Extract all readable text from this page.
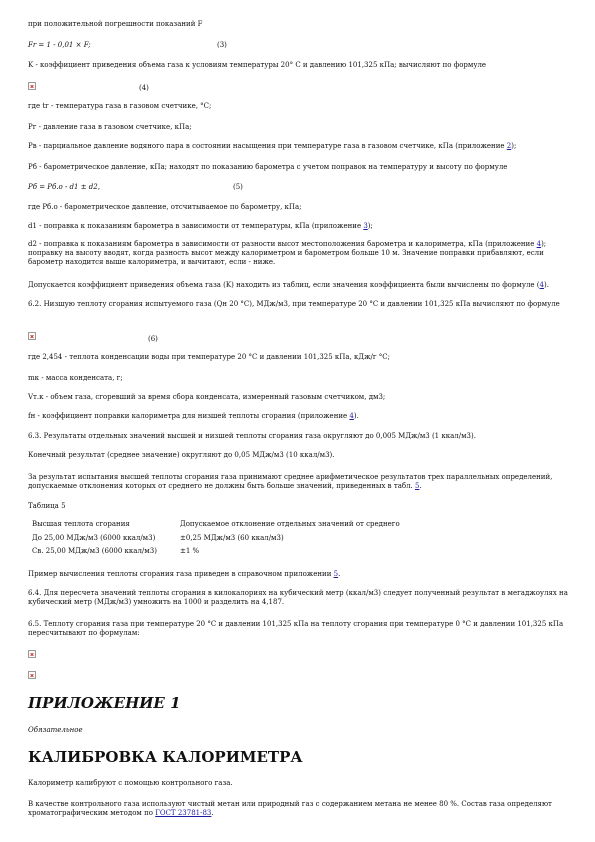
при положительной погрешности показаний F
Fr = 1 - 0,01 × F;	(3)
K - коэффициент приведения объема газа к условиям температуры 20° С и давлению 101,325 кПа; вычисляют по формуле
(4)
где tг - температура газа в газовом счетчике, °С;
Pг - давление газа в газовом счетчике, кПа;
Pв - парциальное давление водяного пара в состоянии насыщения при температуре газа в газовом счетчике, кПа (приложение 2);
Pб - барометрическое давление, кПа; находят по показанию барометра с учетом поправок на температуру и высоту по формуле
Pб = Pб.о - d1 ± d2,	(5)
где Pб.о - барометрическое давление, отсчитываемое по барометру, кПа;
d1 - поправка к показаниям барометра в зависимости от температуры, кПа (приложение 3);
d2 - поправка к показаниям барометра в зависимости от разности высот местоположения барометра и калориметра, кПа (приложение 4); поправку на высоту вводят, когда разность высот между калориметром и барометром больше 10 м. Значение поправки прибавляют, если барометр находится выше калориметра, и вычитают, если - ниже.
Допускается коэффициент приведения объема газа (K) находить из таблиц, если значения коэффициента были вычислены по формуле (4).
6.2. Низшую теплоту сгорания испытуемого газа (Qн 20 °С), МДж/м3, при температуре 20 °С и давлении 101,325 кПа вычисляют по формуле
(6)
где 2,454 - теплота конденсации воды при температуре 20 °С и давлении 101,325 кПа, кДж/г °С;
mк - масса конденсата, г;
Vт.к - объем газа, сгоревший за время сбора конденсата, измеренный газовым счетчиком, дм3;
fн - коэффициент поправки калориметра для низшей теплоты сгорания (приложение 4).
6.3. Результаты отдельных значений высшей и низшей теплоты сгорания газа округляют до 0,005 МДж/м3 (1 ккал/м3).
Конечный результат (среднее значение) округляют до 0,05 МДж/м3 (10 ккал/м3).
За результат испытания высшей теплоты сгорания газа принимают среднее арифметическое результатов трех параллельных определений, допускаемые отклонения которых от среднего не должны быть больше значений, приведенных в табл. 5.
Таблица 5
Высшая теплота сгорания	Допускаемое отклонение отдельных значений от среднего
До 25,00 МДж/м3 (6000 ккал/м3)	±0,25 МДж/м3 (60 ккал/м3)
Св. 25,00 МДж/м3 (6000 ккал/м3)	±1 %
Пример вычисления теплоты сгорания газа приведен в справочном приложении 5.
6.4. Для пересчета значений теплоты сгорания в килокалориях на кубический метр (ккал/м3) следует полученный результат в мегаджоулях на кубический метр (МДж/м3) умножить на 1000 и разделить на 4,187.
6.5. Теплоту сгорания газа при температуре 20 °С и давлении 101,325 кПа на теплоту сгорания при температуре 0 °С и давлении 101,325 кПа пересчитывают по формулам:
ПРИЛОЖЕНИЕ 1
Обязательное
КАЛИБРОВКА КАЛОРИМЕТРА
Калориметр калибруют с помощью контрольного газа.
В качестве контрольного газа используют чистый метан или природный газ с содержанием метана не менее 80 %. Состав газа определяют хроматографическим методом по ГОСТ 23781-83.
